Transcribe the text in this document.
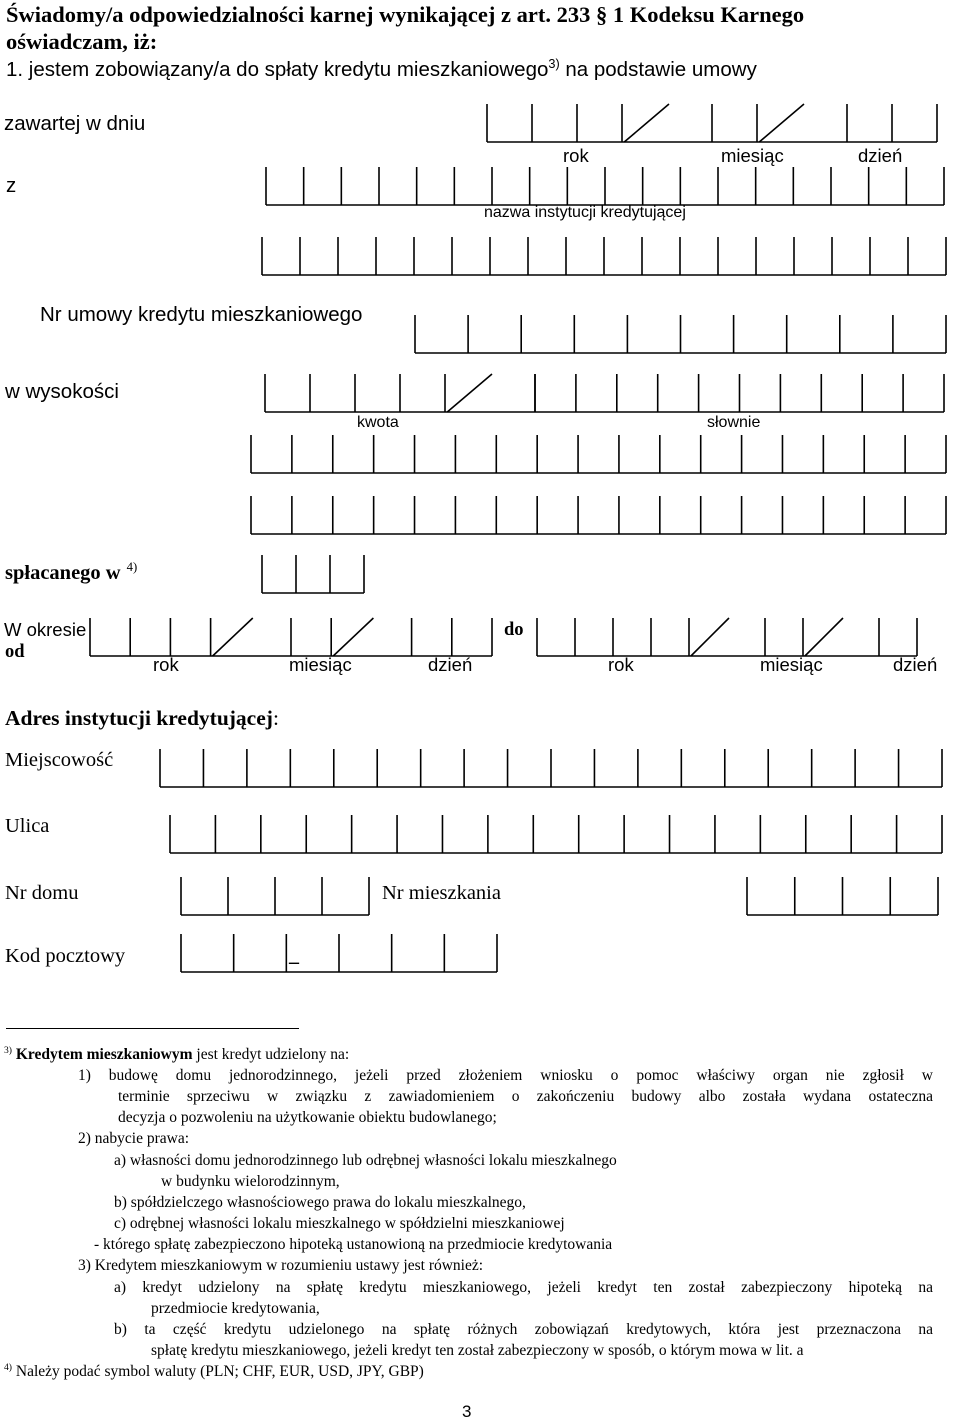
Świadomy/a odpowiedzialności karnej wynikającej z art. 233 § 1 Kodeksu Karnego
oświadczam, iż:
1. jestem zobowiązany/a do spłaty kredytu mieszkaniowego$^{3)}$ na podstawie umowy
zawartej w dniu
rok	miesiąc	dzień
z
nazwa instytucji kredytującej
Nr umowy kredytu mieszkaniowego
w wysokości
kwota	słownie
spłacanego w $^{4)}$
W okresie
od
do
rok	miesiąc	dzień	rok	miesiąc	dzień
Adres instytucji kredytującej:
Miejscowość
Ulica
Nr domu	Nr mieszkania
Kod pocztowy	_
$^{3)}$ Kredytem mieszkaniowym jest kredyt udzielony na:
1) budowę domu jednorodzinnego, jeżeli przed złożeniem wniosku o pomoc właściwy organ nie zgłosił w
terminie sprzeciwu w związku z zawiadomieniem o zakończeniu budowy albo została wydana ostateczna
decyzja o pozwoleniu na użytkowanie obiektu budowlanego;
2) nabycie prawa:
a) własności domu jednorodzinnego lub odrębnej własności lokalu mieszkalnego
w budynku wielorodzinnym,
b) spółdzielczego własnościowego prawa do lokalu mieszkalnego,
c) odrębnej własności lokalu mieszkalnego w spółdzielni mieszkaniowej
- którego spłatę zabezpieczono hipoteką ustanowioną na przedmiocie kredytowania
3) Kredytem mieszkaniowym w rozumieniu ustawy jest również:
a) kredyt udzielony na spłatę kredytu mieszkaniowego, jeżeli kredyt ten został zabezpieczony hipoteką na
przedmiocie kredytowania,
b) ta część kredytu udzielonego na spłatę różnych zobowiązań kredytowych, która jest przeznaczona na
spłatę kredytu mieszkaniowego, jeżeli kredyt ten został zabezpieczony w sposób, o którym mowa w lit. a
$^{4)}$ Należy podać symbol waluty (PLN; CHF, EUR, USD, JPY, GBP)
3
